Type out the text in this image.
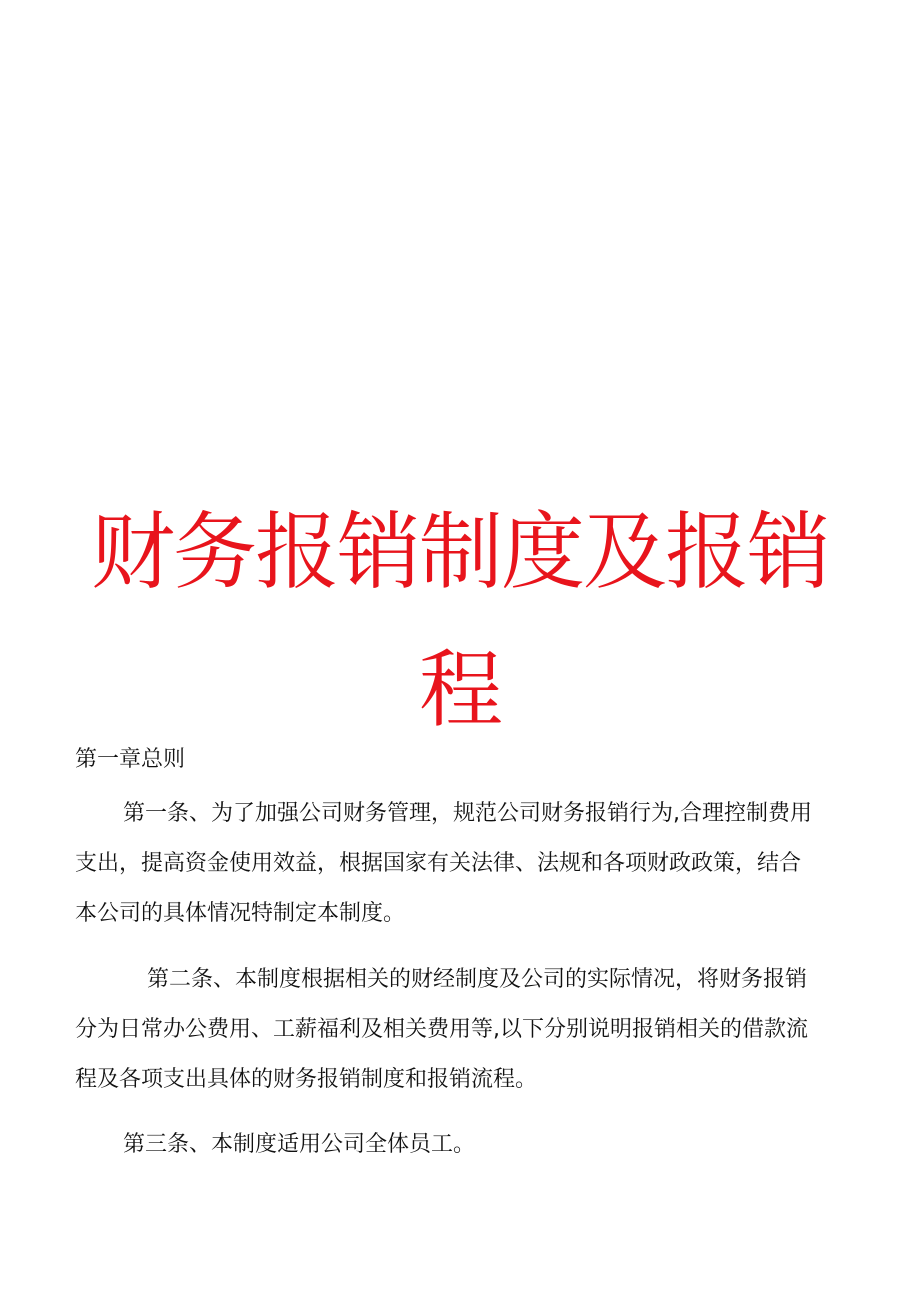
财务报销制度及报销
程
第一章总则
第一条、为了加强公司财务管理，规范公司财务报销行为,合理控制费用
支出，提高资金使用效益，根据国家有关法律、法规和各项财政政策，结合
本公司的具体情况特制定本制度。
第二条、本制度根据相关的财经制度及公司的实际情况，将财务报销
分为日常办公费用、工薪福利及相关费用等,以下分别说明报销相关的借款流
程及各项支出具体的财务报销制度和报销流程。
第三条、本制度适用公司全体员工。
